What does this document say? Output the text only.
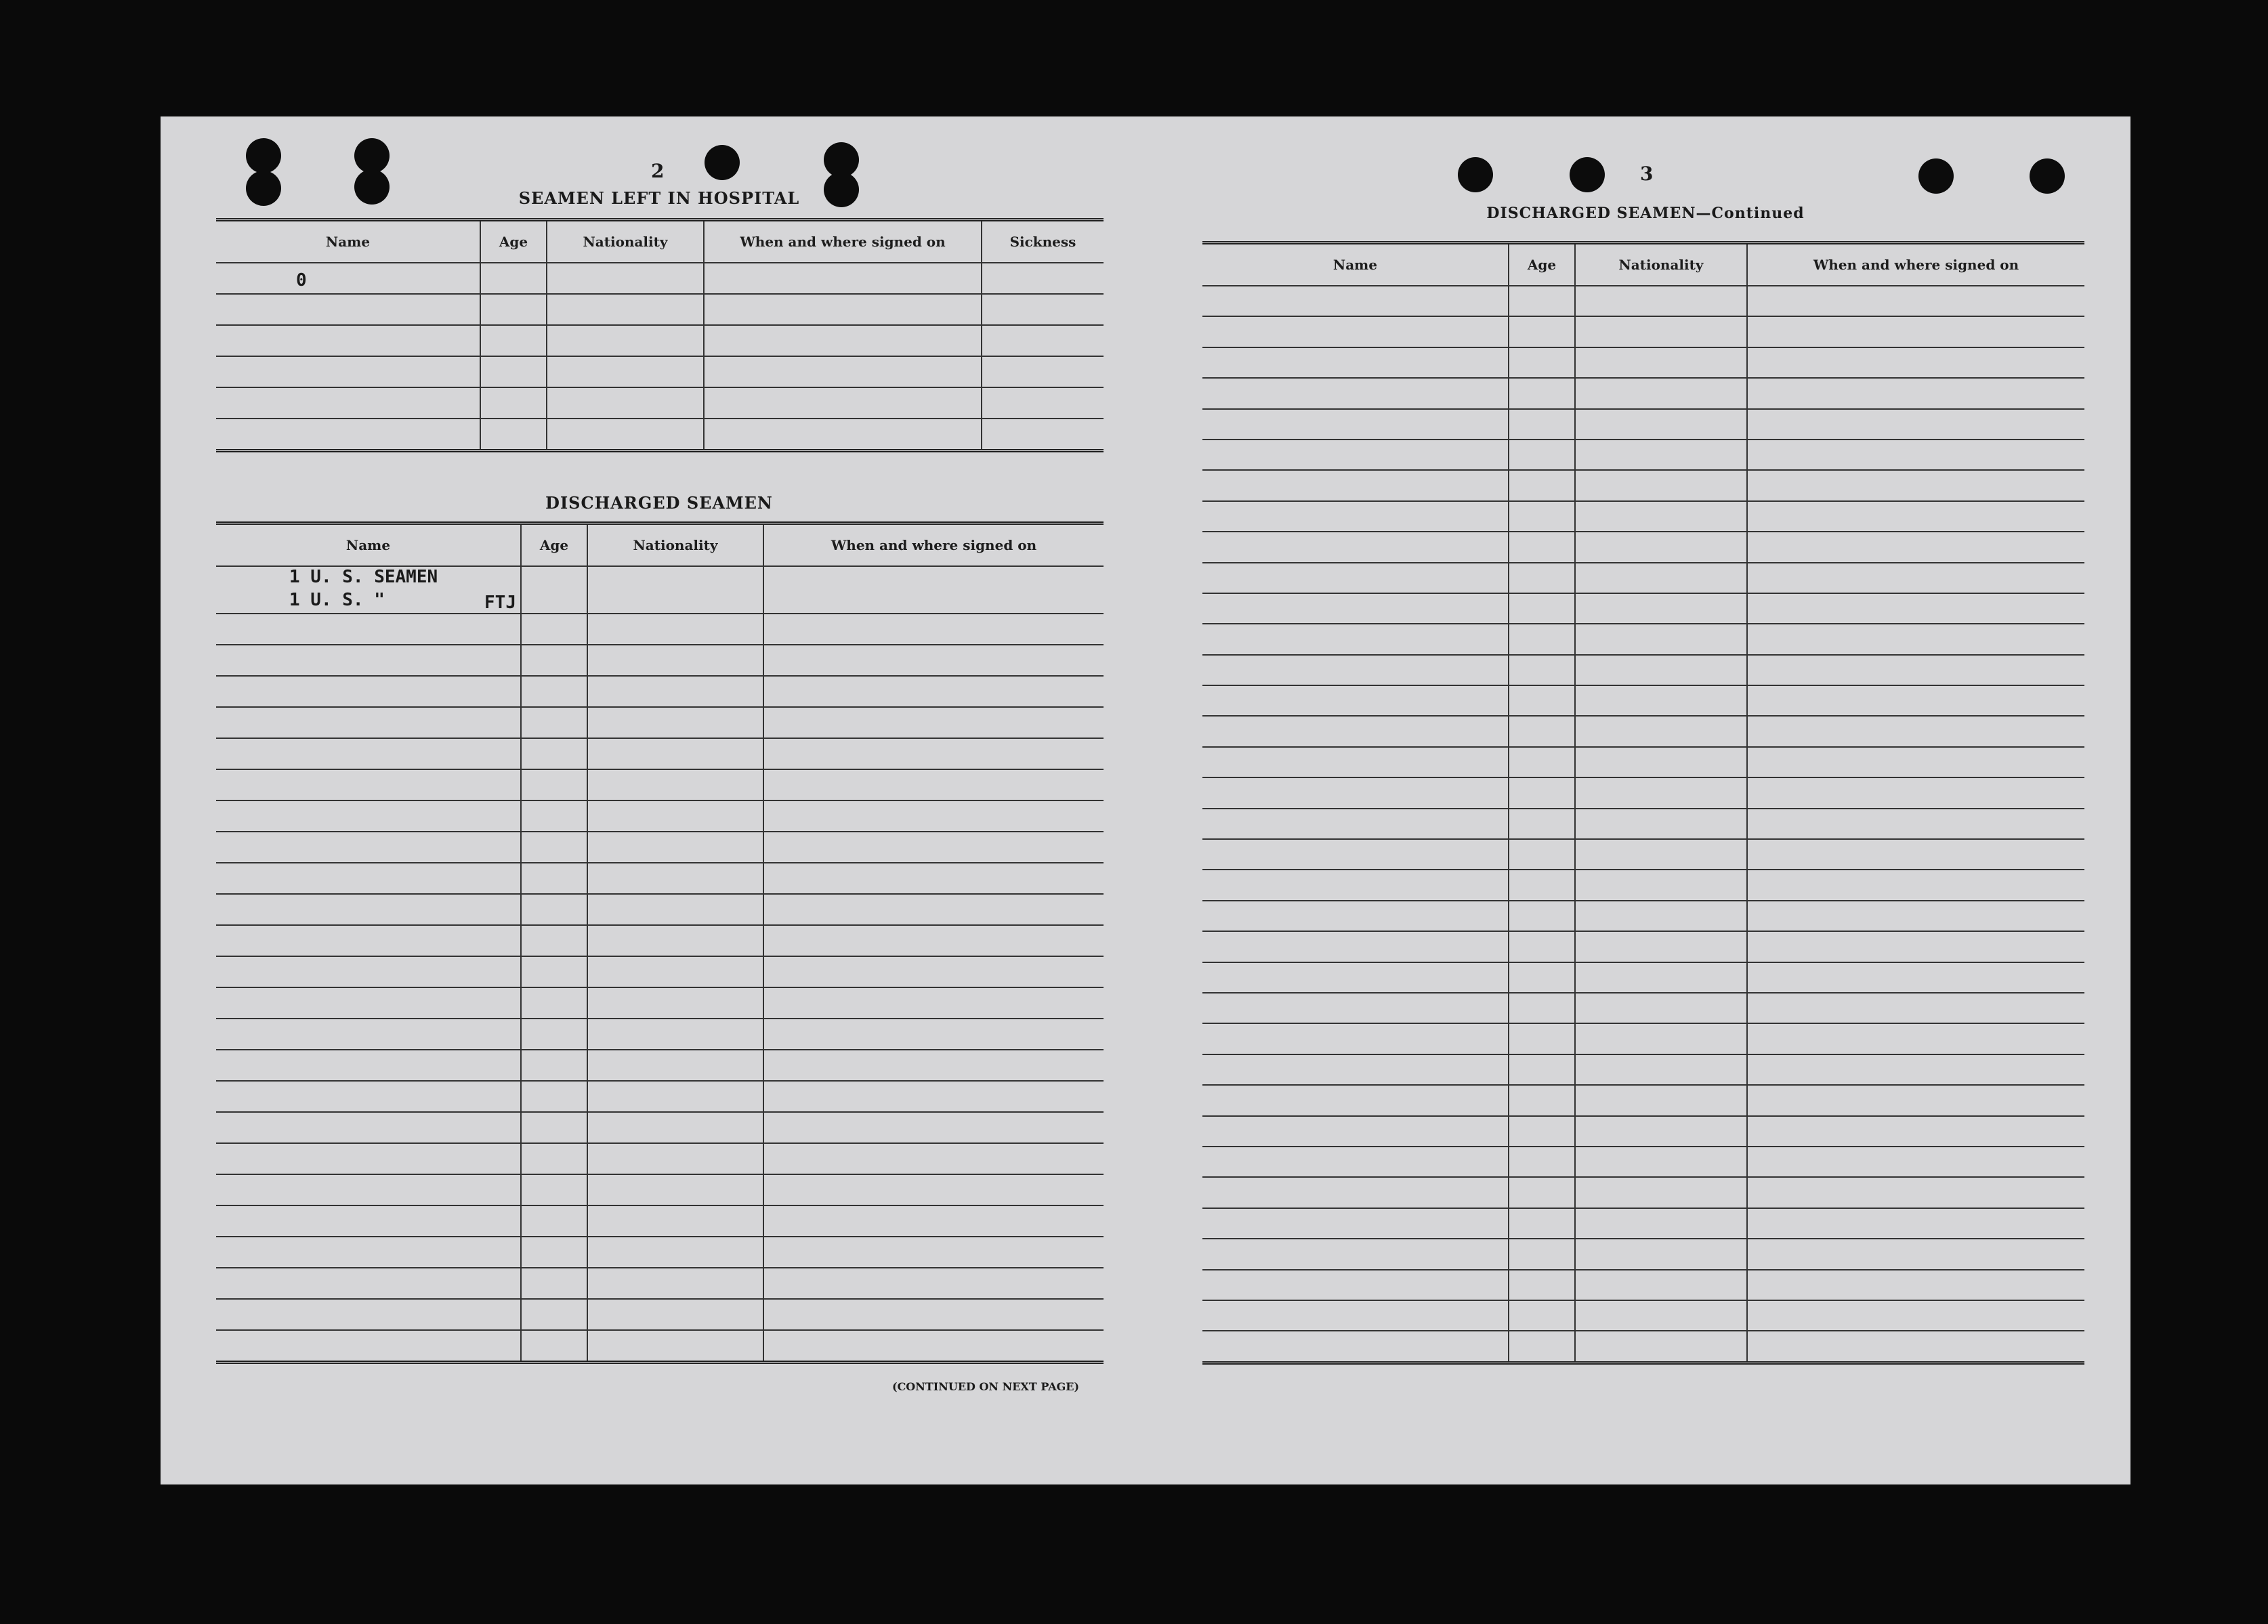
2
SEAMEN LEFT IN HOSPITAL
Name	Age	Nationality	When and where signed on	Sickness
0				

DISCHARGED SEAMEN
Name	Age	Nationality	When and where signed on
1 U. S. SEAMEN

1 U. S. " FTJ			

(CONTINUED ON NEXT PAGE)
3
DISCHARGED SEAMEN—Continued
Name	Age	Nationality	When and where signed on
